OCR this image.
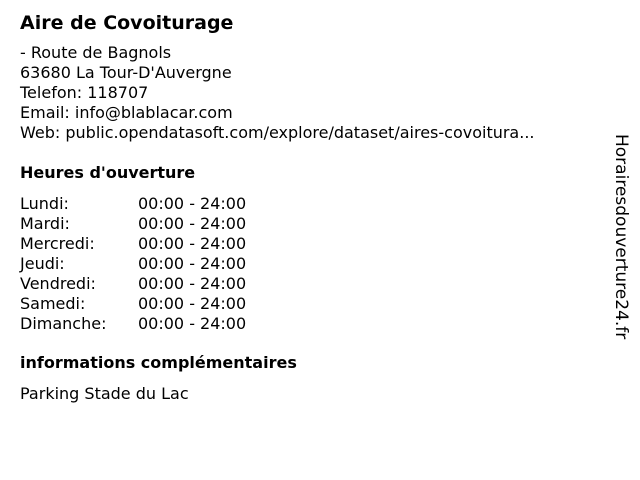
Aire de Covoiturage
- Route de Bagnols
63680 La Tour-D'Auvergne
Telefon: 118707
Email: info@blablacar.com
Web: public.opendatasoft.com/explore/dataset/aires-covoitura...
Heures d'ouverture
Lundi:	00:00 - 24:00
Mardi:	00:00 - 24:00
Mercredi:	00:00 - 24:00
Jeudi:	00:00 - 24:00
Vendredi:	00:00 - 24:00
Samedi:	00:00 - 24:00
Dimanche: 00:00 - 24:00
informations complémentaires
Parking Stade du Lac
Horairesdouverture24.fr
